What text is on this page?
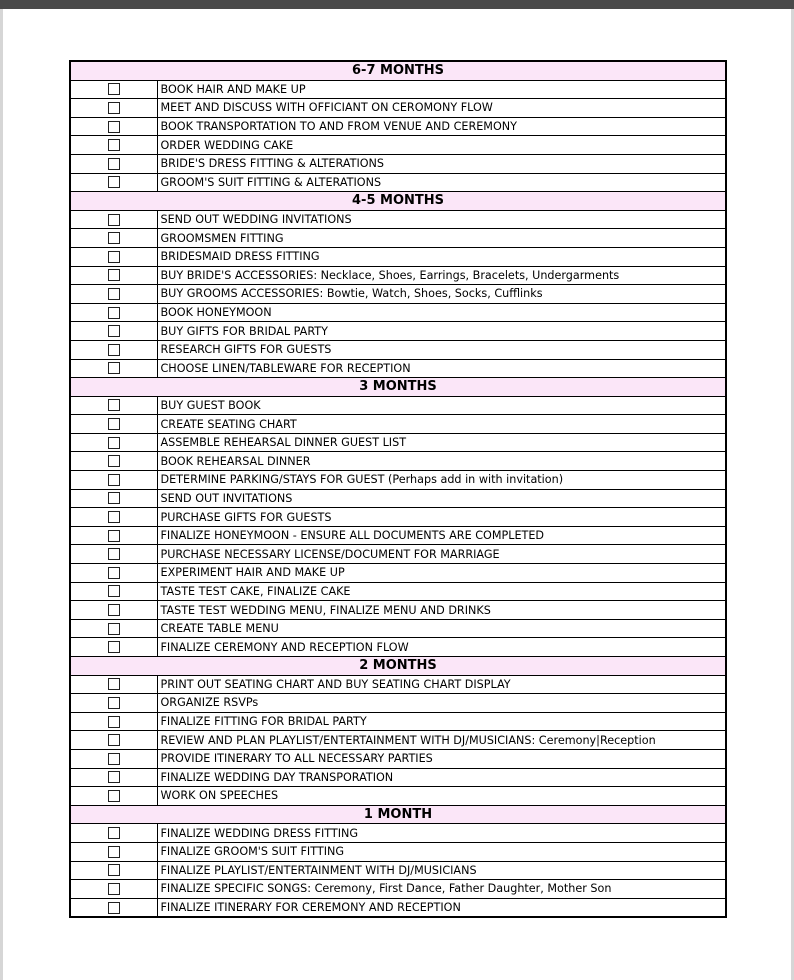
6-7 MONTHS	
	BOOK HAIR AND MAKE UP
	MEET AND DISCUSS WITH OFFICIANT ON CEROMONY FLOW
	BOOK TRANSPORTATION TO AND FROM VENUE AND CEREMONY
	ORDER WEDDING CAKE
	BRIDE'S DRESS FITTING & ALTERATIONS
	GROOM'S SUIT FITTING & ALTERATIONS
4-5 MONTHS	
	SEND OUT WEDDING INVITATIONS
	GROOMSMEN FITTING
	BRIDESMAID DRESS FITTING
	BUY BRIDE'S ACCESSORIES: Necklace, Shoes, Earrings, Bracelets, Undergarments
	BUY GROOMS ACCESSORIES: Bowtie, Watch, Shoes, Socks, Cufflinks
	BOOK HONEYMOON
	BUY GIFTS FOR BRIDAL PARTY
	RESEARCH GIFTS FOR GUESTS
	CHOOSE LINEN/TABLEWARE FOR RECEPTION
3 MONTHS	
	BUY GUEST BOOK
	CREATE SEATING CHART
	ASSEMBLE REHEARSAL DINNER GUEST LIST
	BOOK REHEARSAL DINNER
	DETERMINE PARKING/STAYS FOR GUEST (Perhaps add in with invitation)
	SEND OUT INVITATIONS
	PURCHASE GIFTS FOR GUESTS
	FINALIZE HONEYMOON - ENSURE ALL DOCUMENTS ARE COMPLETED
	PURCHASE NECESSARY LICENSE/DOCUMENT FOR MARRIAGE
	EXPERIMENT HAIR AND MAKE UP
	TASTE TEST CAKE, FINALIZE CAKE
	TASTE TEST WEDDING MENU, FINALIZE MENU AND DRINKS
	CREATE TABLE MENU
	FINALIZE CEREMONY AND RECEPTION FLOW
2 MONTHS	
	PRINT OUT SEATING CHART AND BUY SEATING CHART DISPLAY
	ORGANIZE RSVPs
	FINALIZE FITTING FOR BRIDAL PARTY
	REVIEW AND PLAN PLAYLIST/ENTERTAINMENT WITH DJ/MUSICIANS: Ceremony|Reception
	PROVIDE ITINERARY TO ALL NECESSARY PARTIES
	FINALIZE WEDDING DAY TRANSPORATION
	WORK ON SPEECHES
1 MONTH	
	FINALIZE WEDDING DRESS FITTING
	FINALIZE GROOM'S SUIT FITTING
	FINALIZE PLAYLIST/ENTERTAINMENT WITH DJ/MUSICIANS
	FINALIZE SPECIFIC SONGS: Ceremony, First Dance, Father Daughter, Mother Son
	FINALIZE ITINERARY FOR CEREMONY AND RECEPTION
